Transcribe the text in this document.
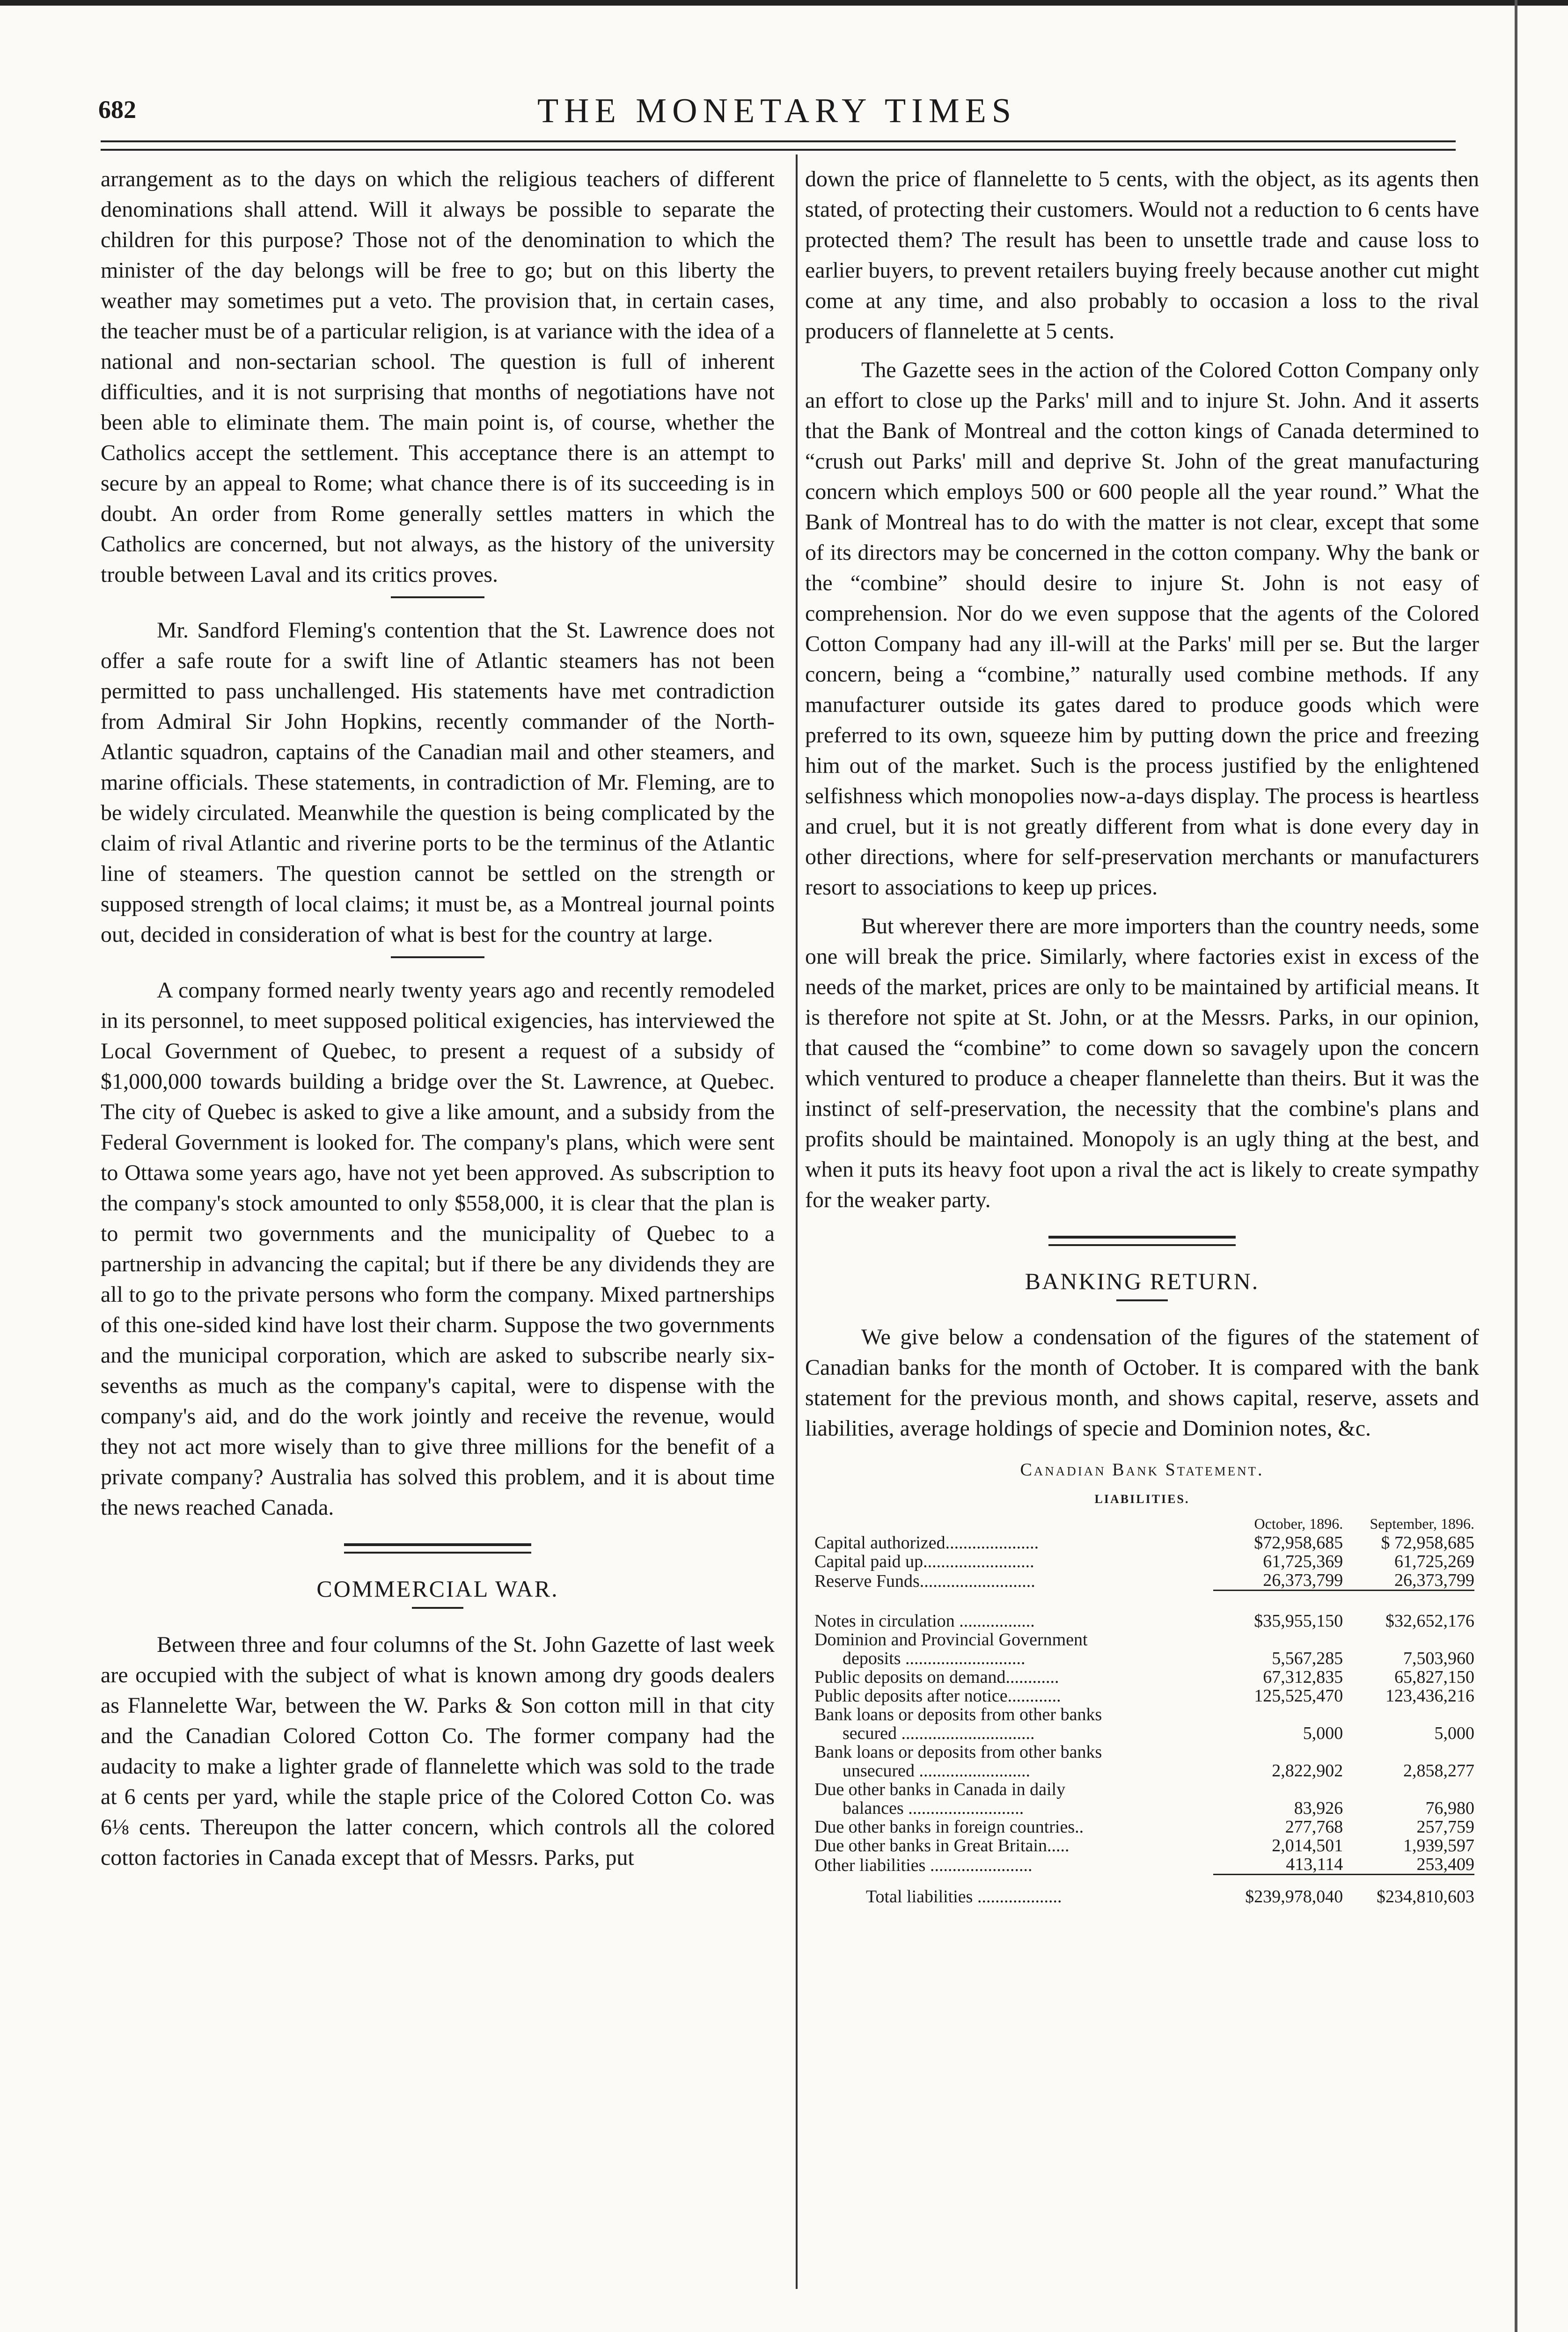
682	THE MONETARY TIMES

arrangement as to the days on which the religious teachers of different denominations shall attend. Will it always be possible to separate the children for this purpose? Those not of the denomination to which the minister of the day belongs will be free to go; but on this liberty the weather may sometimes put a veto. The provision that, in certain cases, the teacher must be of a particular religion, is at variance with the idea of a national and non-sectarian school. The question is full of inherent difficulties, and it is not surprising that months of negotiations have not been able to eliminate them. The main point is, of course, whether the Catholics accept the settlement. This acceptance there is an attempt to secure by an appeal to Rome; what chance there is of its succeeding is in doubt. An order from Rome generally settles matters in which the Catholics are concerned, but not always, as the history of the university trouble between Laval and its critics proves.

Mr. Sandford Fleming's contention that the St. Lawrence does not offer a safe route for a swift line of Atlantic steamers has not been permitted to pass unchallenged. His statements have met contradiction from Admiral Sir John Hopkins, recently commander of the North-Atlantic squadron, captains of the Canadian mail and other steamers, and marine officials. These statements, in contradiction of Mr. Fleming, are to be widely circulated. Meanwhile the question is being complicated by the claim of rival Atlantic and riverine ports to be the terminus of the Atlantic line of steamers. The question cannot be settled on the strength or supposed strength of local claims; it must be, as a Montreal journal points out, decided in consideration of what is best for the country at large.

A company formed nearly twenty years ago and recently remodeled in its personnel, to meet supposed political exigencies, has interviewed the Local Government of Quebec, to present a request of a subsidy of $1,000,000 towards building a bridge over the St. Lawrence, at Quebec. The city of Quebec is asked to give a like amount, and a subsidy from the Federal Government is looked for. The company's plans, which were sent to Ottawa some years ago, have not yet been approved. As subscription to the company's stock amounted to only $558,000, it is clear that the plan is to permit two governments and the municipality of Quebec to a partnership in advancing the capital; but if there be any dividends they are all to go to the private persons who form the company. Mixed partnerships of this one-sided kind have lost their charm. Suppose the two governments and the municipal corporation, which are asked to subscribe nearly six-sevenths as much as the company's capital, were to dispense with the company's aid, and do the work jointly and receive the revenue, would they not act more wisely than to give three millions for the benefit of a private company? Australia has solved this problem, and it is about time the news reached Canada.

COMMERCIAL WAR.

Between three and four columns of the St. John Gazette of last week are occupied with the subject of what is known among dry goods dealers as Flannelette War, between the W. Parks & Son cotton mill in that city and the Canadian Colored Cotton Co. The former company had the audacity to make a lighter grade of flannelette which was sold to the trade at 6 cents per yard, while the staple price of the Colored Cotton Co. was 6⅛ cents. Thereupon the latter concern, which controls all the colored cotton factories in Canada except that of Messrs. Parks, put

down the price of flannelette to 5 cents, with the object, as its agents then stated, of protecting their customers. Would not a reduction to 6 cents have protected them? The result has been to unsettle trade and cause loss to earlier buyers, to prevent retailers buying freely because another cut might come at any time, and also probably to occasion a loss to the rival producers of flannelette at 5 cents.

The Gazette sees in the action of the Colored Cotton Company only an effort to close up the Parks' mill and to injure St. John. And it asserts that the Bank of Montreal and the cotton kings of Canada determined to “crush out Parks' mill and deprive St. John of the great manufacturing concern which employs 500 or 600 people all the year round.” What the Bank of Montreal has to do with the matter is not clear, except that some of its directors may be concerned in the cotton company. Why the bank or the “combine” should desire to injure St. John is not easy of comprehension. Nor do we even suppose that the agents of the Colored Cotton Company had any ill-will at the Parks' mill per se. But the larger concern, being a “combine,” naturally used combine methods. If any manufacturer outside its gates dared to produce goods which were preferred to its own, squeeze him by putting down the price and freezing him out of the market. Such is the process justified by the enlightened selfishness which monopolies now-a-days display. The process is heartless and cruel, but it is not greatly different from what is done every day in other directions, where for self-preservation merchants or manufacturers resort to associations to keep up prices.

But wherever there are more importers than the country needs, some one will break the price. Similarly, where factories exist in excess of the needs of the market, prices are only to be maintained by artificial means. It is therefore not spite at St. John, or at the Messrs. Parks, in our opinion, that caused the “combine” to come down so savagely upon the concern which ventured to produce a cheaper flannelette than theirs. But it was the instinct of self-preservation, the necessity that the combine's plans and profits should be maintained. Monopoly is an ugly thing at the best, and when it puts its heavy foot upon a rival the act is likely to create sympathy for the weaker party.

BANKING RETURN.

We give below a condensation of the figures of the statement of Canadian banks for the month of October. It is compared with the bank statement for the previous month, and shows capital, reserve, assets and liabilities, average holdings of specie and Dominion notes, &c.

Canadian Bank Statement.
LIABILITIES.
	October, 1896.	September, 1896.
Capital authorized.....................	$72,958,685	$ 72,958,685
Capital paid up.........................	61,725,369	61,725,269
Reserve Funds..........................	26,373,799	26,373,799

Notes in circulation .................	$35,955,150	$32,652,176
Dominion and Provincial Government		
deposits ...........................	5,567,285	7,503,960
Public deposits on demand............	67,312,835	65,827,150
Public deposits after notice............	125,525,470	123,436,216
Bank loans or deposits from other banks		
secured ..............................	5,000	5,000
Bank loans or deposits from other banks		
unsecured .........................	2,822,902	2,858,277
Due other banks in Canada in daily		
balances ..........................	83,926	76,980
Due other banks in foreign countries..	277,768	257,759
Due other banks in Great Britain.....	2,014,501	1,939,597
Other liabilities .......................	413,114	253,409
Total liabilities ...................	$239,978,040	$234,810,603
